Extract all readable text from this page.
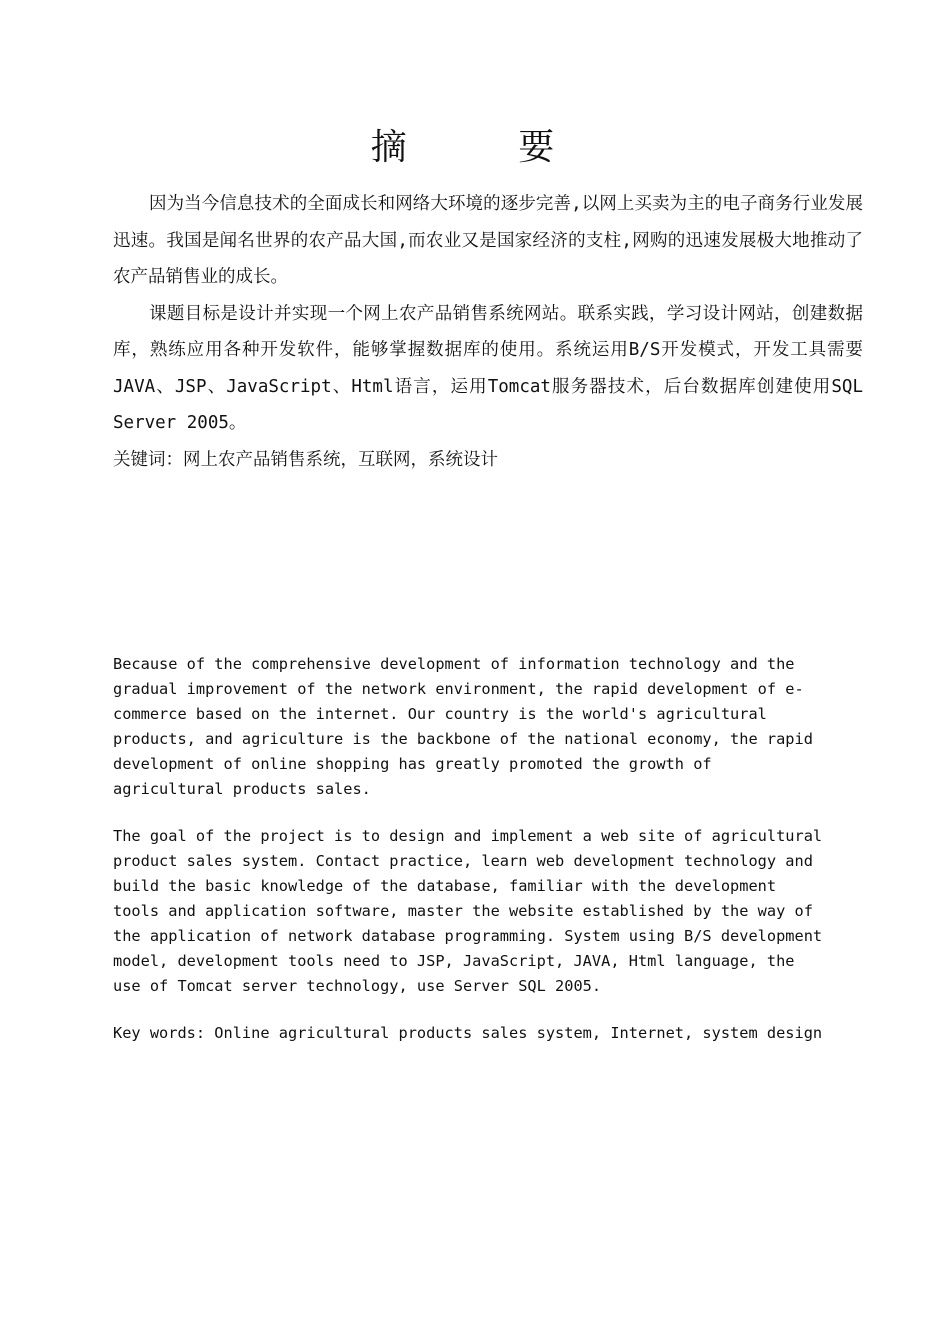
摘 要

因为当今信息技术的全面成长和网络大环境的逐步完善,以网上买卖为主的电子商务行业发展迅速。我国是闻名世界的农产品大国,而农业又是国家经济的支柱,网购的迅速发展极大地推动了农产品销售业的成长。

课题目标是设计并实现一个网上农产品销售系统网站。联系实践，学习设计网站，创建数据库，熟练应用各种开发软件，能够掌握数据库的使用。系统运用B/S开发模式，开发工具需要JAVA、JSP、JavaScript、Html语言，运用Tomcat服务器技术，后台数据库创建使用SQL Server 2005。

关键词：网上农产品销售系统，互联网，系统设计

Because of the comprehensive development of information technology and the
gradual improvement of the network environment, the rapid development of e-
commerce based on the internet. Our country is the world's agricultural
products, and agriculture is the backbone of the national economy, the rapid
development of online shopping has greatly promoted the growth of
agricultural products sales.

The goal of the project is to design and implement a web site of agricultural
product sales system. Contact practice, learn web development technology and
build the basic knowledge of the database, familiar with the development
tools and application software, master the website established by the way of
the application of network database programming. System using B/S development
model, development tools need to JSP, JavaScript, JAVA, Html language, the
use of Tomcat server technology, use Server SQL 2005.

Key words: Online agricultural products sales system, Internet, system design
